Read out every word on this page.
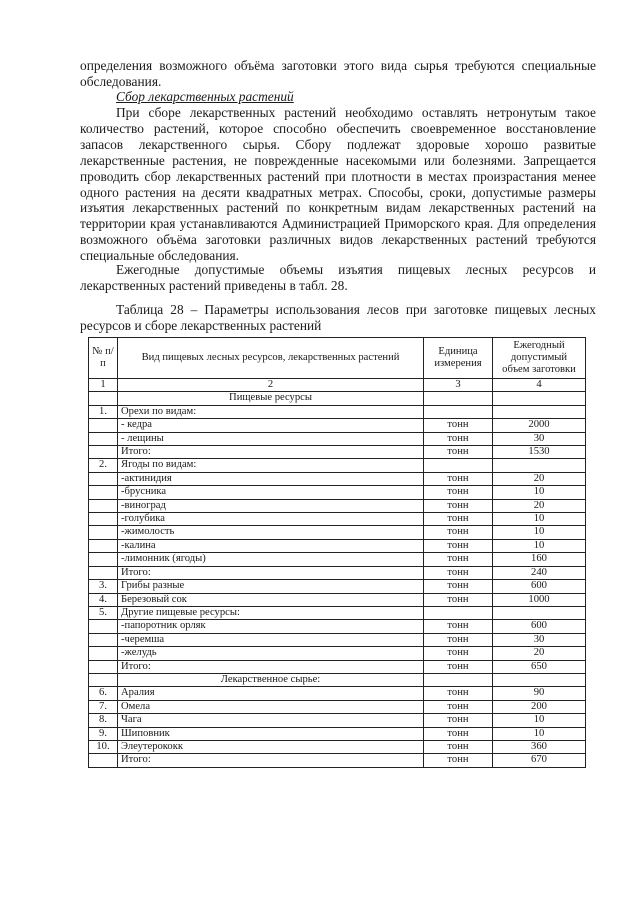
определения возможного объёма заготовки этого вида сырья требуются специальные обследования.

Сбор лекарственных растений

При сборе лекарственных растений необходимо оставлять нетронутым такое количество растений, которое способно обеспечить своевременное восстановление запасов лекарственного сырья. Сбору подлежат здоровые хорошо развитые лекарственные растения, не поврежденные насекомыми или болезнями. Запрещается проводить сбор лекарственных растений при плотности в местах произрастания менее одного растения на десяти квадратных метрах. Способы, сроки, допустимые размеры изъятия лекарственных растений по конкретным видам лекарственных растений на территории края устанавливаются Администрацией Приморского края. Для определения возможного объёма заготовки различных видов лекарственных растений требуются специальные обследования.

Ежегодные допустимые объемы изъятия пищевых лесных ресурсов и лекарственных растений приведены в табл. 28.

Таблица 28 – Параметры использования лесов при заготовке пищевых лесных ресурсов и сборе лекарственных растений

№ п/п	Вид пищевых лесных ресурсов, лекарственных растений	Единица измерения	Ежегодный допустимый объем заготовки
1	2	3	4
	Пищевые ресурсы		
1.	Орехи по видам:		
	- кедра	тонн	2000
	- лещины	тонн	30
	Итого:	тонн	1530
2.	Ягоды по видам:		
	-актинидия	тонн	20
	-брусника	тонн	10
	-виноград	тонн	20
	-голубика	тонн	10
	-жимолость	тонн	10
	-калина	тонн	10
	-лимонник (ягоды)	тонн	160
	Итого:	тонн	240
3.	Грибы разные	тонн	600
4.	Березовый сок	тонн	1000
5.	Другие пищевые ресурсы:		
	-папоротник орляк	тонн	600
	-черемша	тонн	30
	-желудь	тонн	20
	Итого:	тонн	650
	Лекарственное сырье:		
6.	Аралия	тонн	90
7.	Омела	тонн	200
8.	Чага	тонн	10
9.	Шиповник	тонн	10
10.	Элеутерококк	тонн	360
	Итого:	тонн	670
